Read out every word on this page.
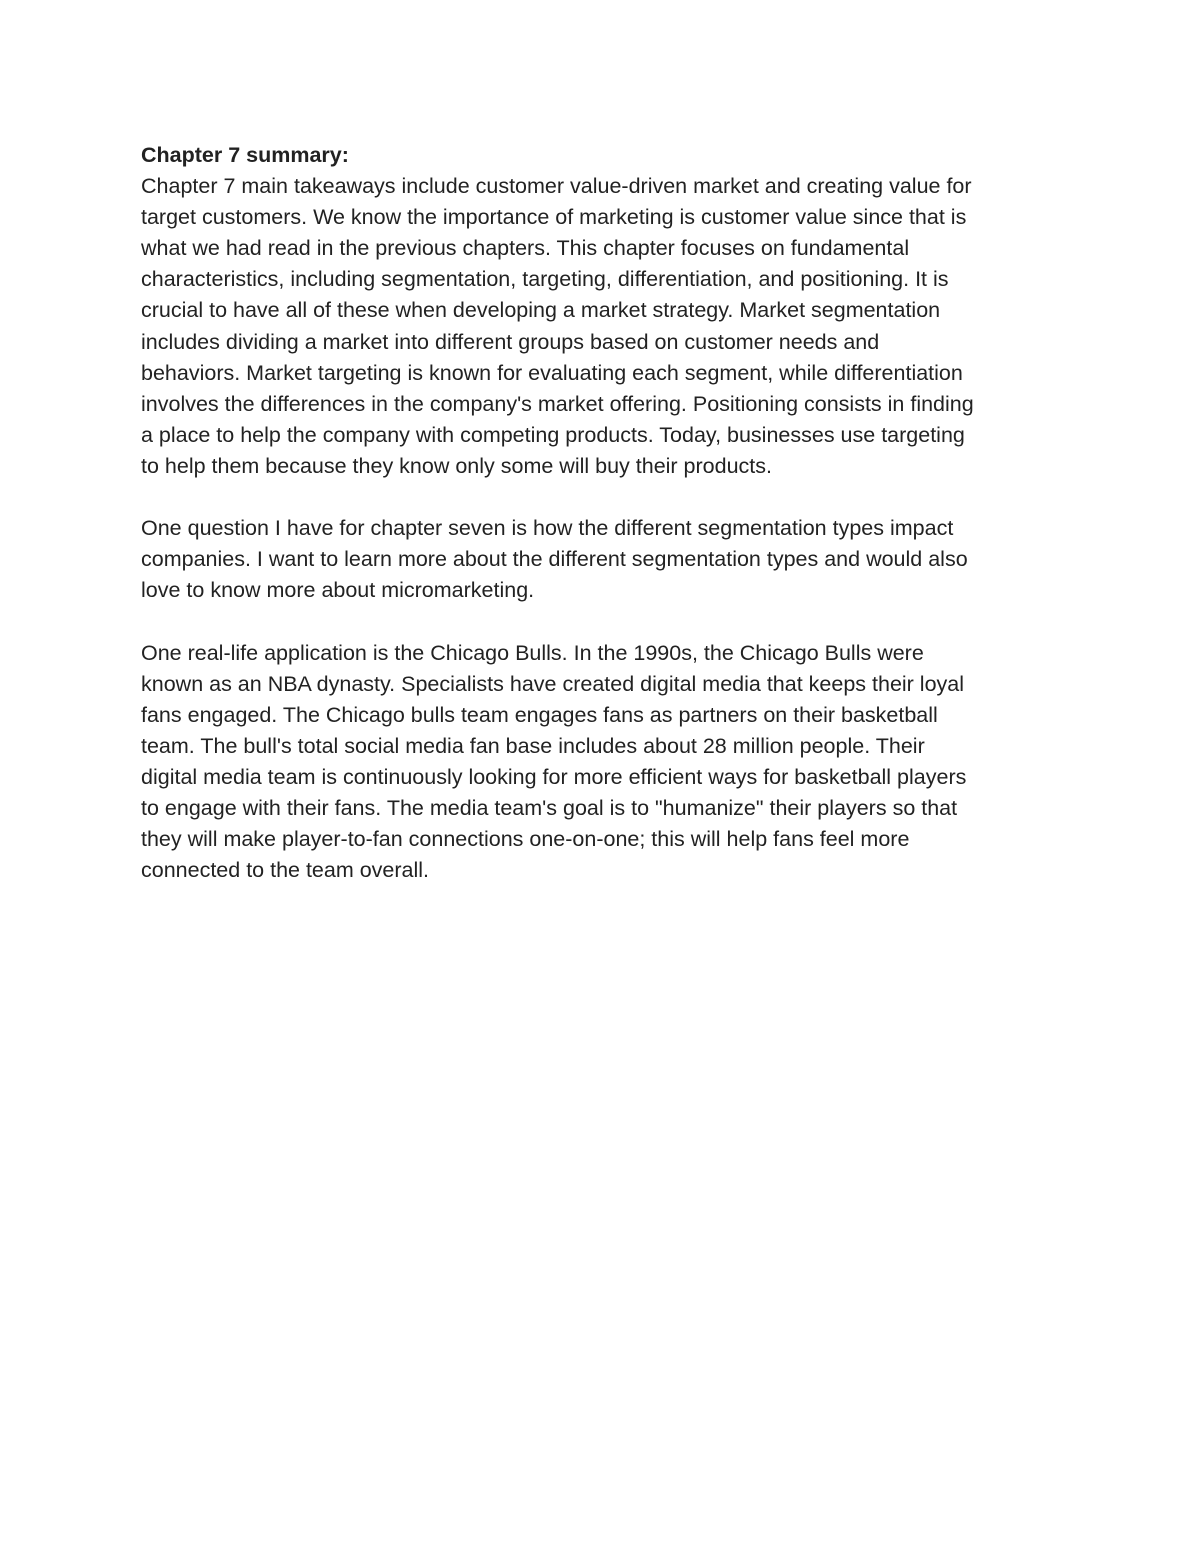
Chapter 7 summary:

Chapter 7 main takeaways include customer value-driven market and creating value for
target customers. We know the importance of marketing is customer value since that is
what we had read in the previous chapters. This chapter focuses on fundamental
characteristics, including segmentation, targeting, differentiation, and positioning. It is
crucial to have all of these when developing a market strategy. Market segmentation
includes dividing a market into different groups based on customer needs and
behaviors. Market targeting is known for evaluating each segment, while differentiation
involves the differences in the company's market offering. Positioning consists in finding
a place to help the company with competing products. Today, businesses use targeting
to help them because they know only some will buy their products.

One question I have for chapter seven is how the different segmentation types impact
companies. I want to learn more about the different segmentation types and would also
love to know more about micromarketing.

One real-life application is the Chicago Bulls. In the 1990s, the Chicago Bulls were
known as an NBA dynasty. Specialists have created digital media that keeps their loyal
fans engaged. The Chicago bulls team engages fans as partners on their basketball
team. The bull's total social media fan base includes about 28 million people. Their
digital media team is continuously looking for more efficient ways for basketball players
to engage with their fans. The media team's goal is to "humanize" their players so that
they will make player-to-fan connections one-on-one; this will help fans feel more
connected to the team overall.
